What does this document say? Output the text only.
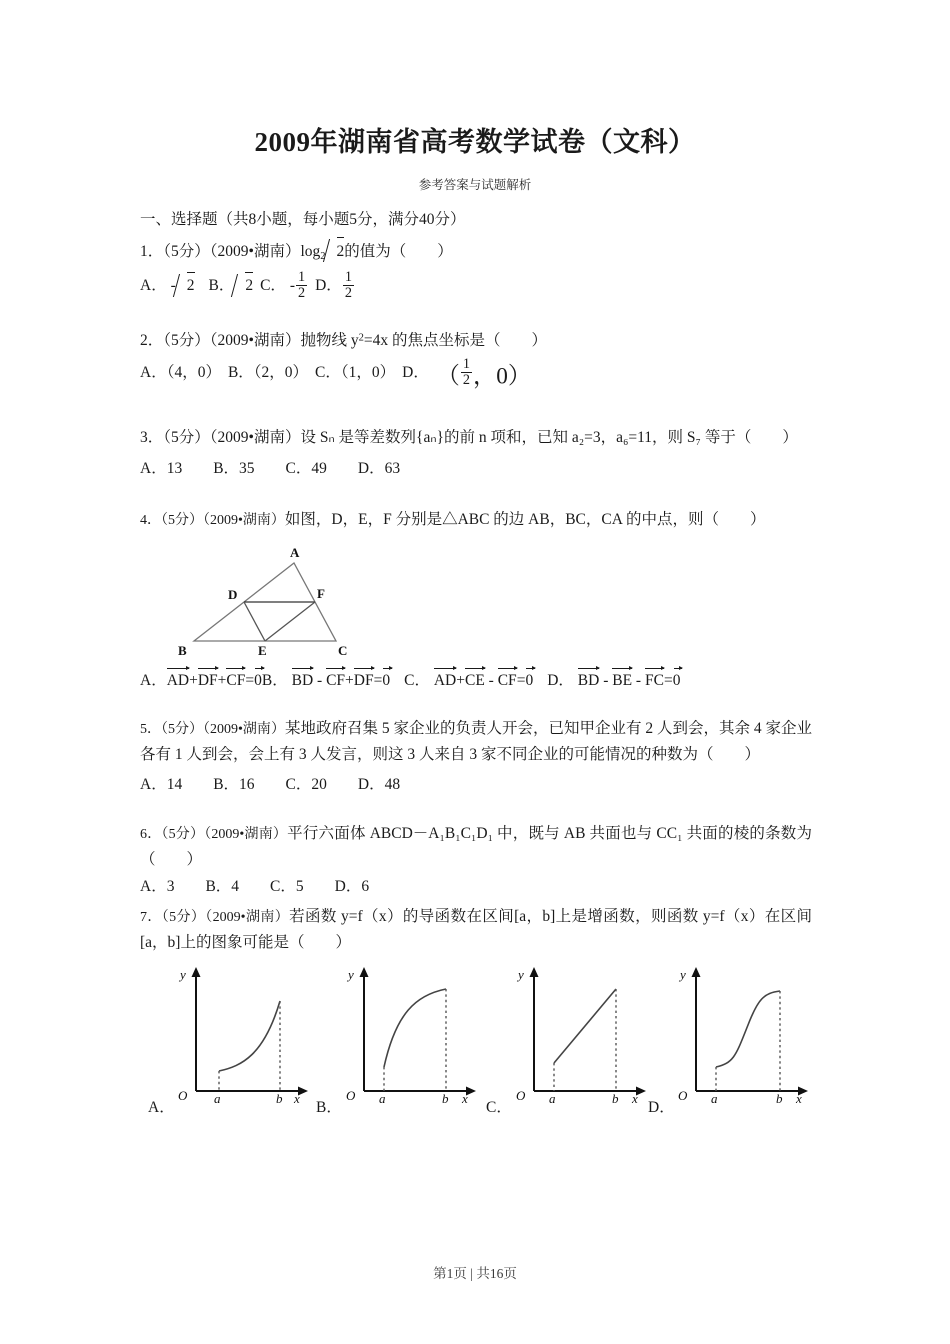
2009年湖南省高考数学试卷（文科）
参考答案与试题解析
一、选择题（共8小题，每小题5分，满分40分）
1．（5分）（2009•湖南）$\log_2$ 2的值为（　　）
A． - 2 B． 2 C． - $\frac{1}{2}$ D． $\frac{1}{2}$
2．（5分）（2009•湖南）抛物线 $y^2=4x$ 的焦点坐标是（　　）
A．（4，0） B．（2，0） C．（1，0） D． （ $\frac{1}{2}$ ，0）
3．（5分）（2009•湖南）设 Sₙ 是等差数列{aₙ}的前 n 项和，已知 a₂=3，a₆=11，则 S₇ 等于（　　）
A．13　　B．35　　C．49　　D．63
4．（5分）（2009•湖南）如图，D，E，F 分别是△ABC 的边 AB，BC，CA 的中点，则（　　）
A
B	C
D
E
F
A．AD+DF+CF=0B． BD - CF+DF=0 C． AD+CE - CF=0 D． BD - BE - FC=0
5．（5分）（2009•湖南）某地政府召集 5 家企业的负责人开会，已知甲企业有 2 人到会，其余 4 家企业各有 1 人到会，会上有 3 人发言，则这 3 人来自 3 家不同企业的可能情况的种数为（　　）
A．14　　B．16　　C．20　　D．48
6．（5分）（2009•湖南）平行六面体 ABCD－A₁B₁C₁D₁ 中，既与 AB 共面也与 CC₁ 共面的棱的条数为（　　）
A．3　　B．4　　C．5　　D．6
7．（5分）（2009•湖南）若函数 y=f（x）的导函数在区间[a，b]上是增函数，则函数 y=f（x）在区间[a，b]上的图象可能是（　　）
y
O a	b x
A．
y
O a	b x
B．
y
O a	b x
C．
y
O a	b x
D．
第1页 | 共16页
